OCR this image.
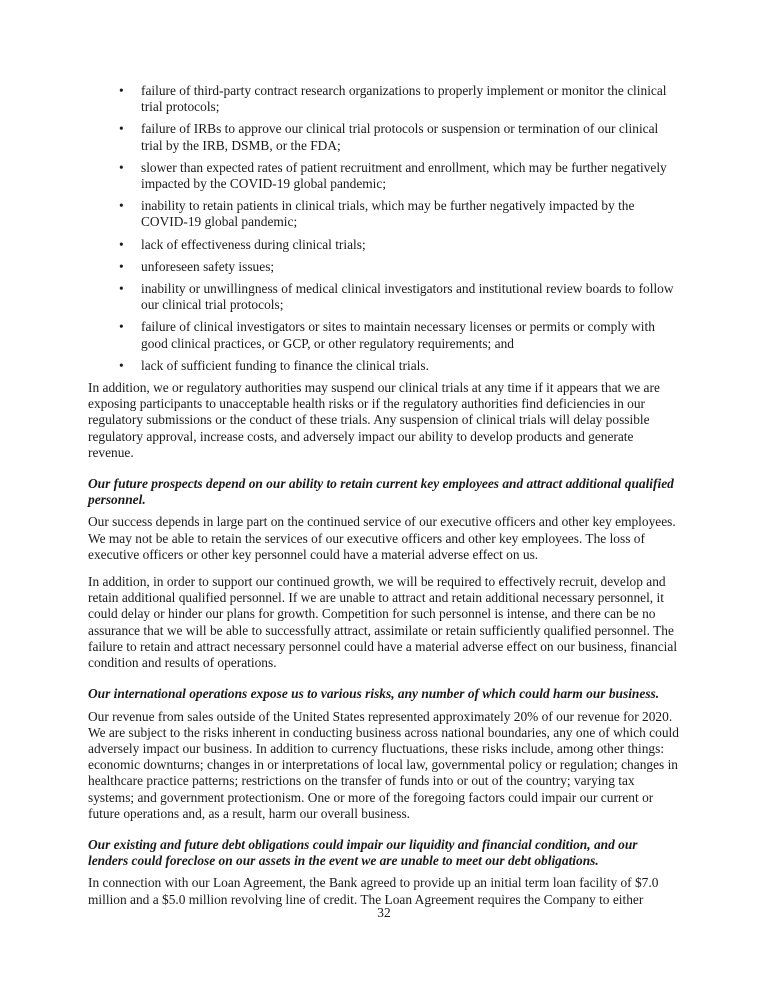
• failure of third-party contract research organizations to properly implement or monitor the clinical trial protocols;
• failure of IRBs to approve our clinical trial protocols or suspension or termination of our clinical trial by the IRB, DSMB, or the FDA;
• slower than expected rates of patient recruitment and enrollment, which may be further negatively impacted by the COVID-19 global pandemic;
• inability to retain patients in clinical trials, which may be further negatively impacted by the COVID-19 global pandemic;
• lack of effectiveness during clinical trials;
• unforeseen safety issues;
• inability or unwillingness of medical clinical investigators and institutional review boards to follow our clinical trial protocols;
• failure of clinical investigators or sites to maintain necessary licenses or permits or comply with good clinical practices, or GCP, or other regulatory requirements; and
• lack of sufficient funding to finance the clinical trials.

In addition, we or regulatory authorities may suspend our clinical trials at any time if it appears that we are exposing participants to unacceptable health risks or if the regulatory authorities find deficiencies in our regulatory submissions or the conduct of these trials. Any suspension of clinical trials will delay possible regulatory approval, increase costs, and adversely impact our ability to develop products and generate revenue.

Our future prospects depend on our ability to retain current key employees and attract additional qualified personnel.

Our success depends in large part on the continued service of our executive officers and other key employees. We may not be able to retain the services of our executive officers and other key employees. The loss of executive officers or other key personnel could have a material adverse effect on us.

In addition, in order to support our continued growth, we will be required to effectively recruit, develop and retain additional qualified personnel. If we are unable to attract and retain additional necessary personnel, it could delay or hinder our plans for growth. Competition for such personnel is intense, and there can be no assurance that we will be able to successfully attract, assimilate or retain sufficiently qualified personnel. The failure to retain and attract necessary personnel could have a material adverse effect on our business, financial condition and results of operations.

Our international operations expose us to various risks, any number of which could harm our business.

Our revenue from sales outside of the United States represented approximately 20% of our revenue for 2020. We are subject to the risks inherent in conducting business across national boundaries, any one of which could adversely impact our business. In addition to currency fluctuations, these risks include, among other things: economic downturns; changes in or interpretations of local law, governmental policy or regulation; changes in healthcare practice patterns; restrictions on the transfer of funds into or out of the country; varying tax systems; and government protectionism. One or more of the foregoing factors could impair our current or future operations and, as a result, harm our overall business.

Our existing and future debt obligations could impair our liquidity and financial condition, and our lenders could foreclose on our assets in the event we are unable to meet our debt obligations.

In connection with our Loan Agreement, the Bank agreed to provide up an initial term loan facility of $7.0 million and a $5.0 million revolving line of credit. The Loan Agreement requires the Company to either

32
